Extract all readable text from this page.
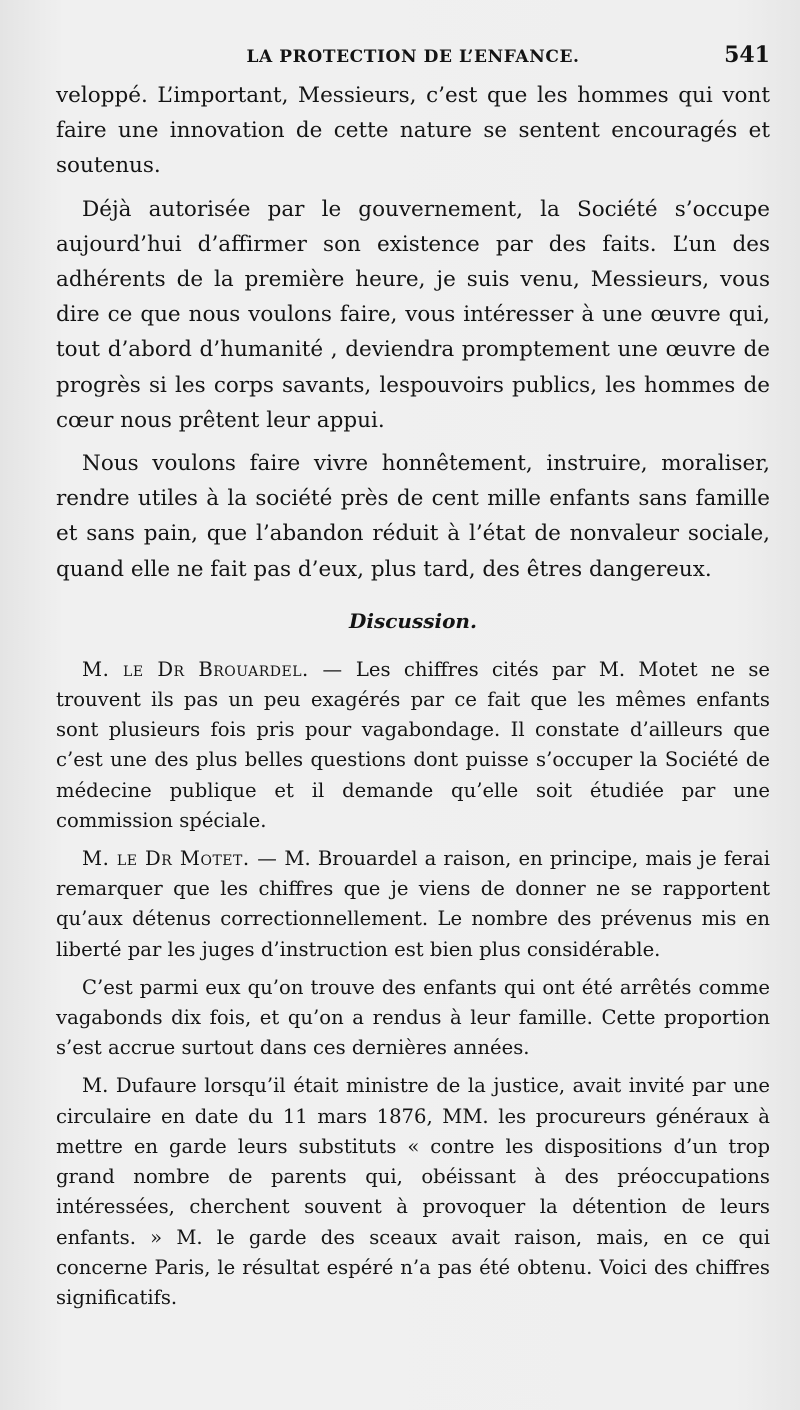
LA PROTECTION DE L’ENFANCE.	541

veloppé. L’important, Messieurs, c’est que les hommes qui vont faire une innovation de cette nature se sentent encouragés et soutenus.

Déjà autorisée par le gouvernement, la Société s’occupe aujourd’hui d’affirmer son existence par des faits. L’un des adhérents de la première heure, je suis venu, Messieurs, vous dire ce que nous voulons faire, vous intéresser à une œuvre qui, tout d’abord d’humanité , deviendra promptement une œuvre de progrès si les corps savants, lespouvoirs publics, les hommes de cœur nous prêtent leur appui.

Nous voulons faire vivre honnêtement, instruire, moraliser, rendre utiles à la société près de cent mille enfants sans famille et sans pain, que l’abandon réduit à l’état de nonvaleur sociale, quand elle ne fait pas d’eux, plus tard, des êtres dangereux.

Discussion.

M. le Dr Brouardel. — Les chiffres cités par M. Motet ne se trouvent ils pas un peu exagérés par ce fait que les mêmes enfants sont plusieurs fois pris pour vagabondage. Il constate d’ailleurs que c’est une des plus belles questions dont puisse s’occuper la Société de médecine publique et il demande qu’elle soit étudiée par une commission spéciale.

M. le Dr Motet. — M. Brouardel a raison, en principe, mais je ferai remarquer que les chiffres que je viens de donner ne se rapportent qu’aux détenus correctionnellement. Le nombre des prévenus mis en liberté par les juges d’instruction est bien plus considérable.

C’est parmi eux qu’on trouve des enfants qui ont été arrêtés comme vagabonds dix fois, et qu’on a rendus à leur famille. Cette proportion s’est accrue surtout dans ces dernières années.

M. Dufaure lorsqu’il était ministre de la justice, avait invité par une circulaire en date du 11 mars 1876, MM. les procureurs généraux à mettre en garde leurs substituts « contre les dispositions d’un trop grand nombre de parents qui, obéissant à des préoccupations intéressées, cherchent souvent à provoquer la détention de leurs enfants. » M. le garde des sceaux avait raison, mais, en ce qui concerne Paris, le résultat espéré n’a pas été obtenu. Voici des chiffres significatifs.
